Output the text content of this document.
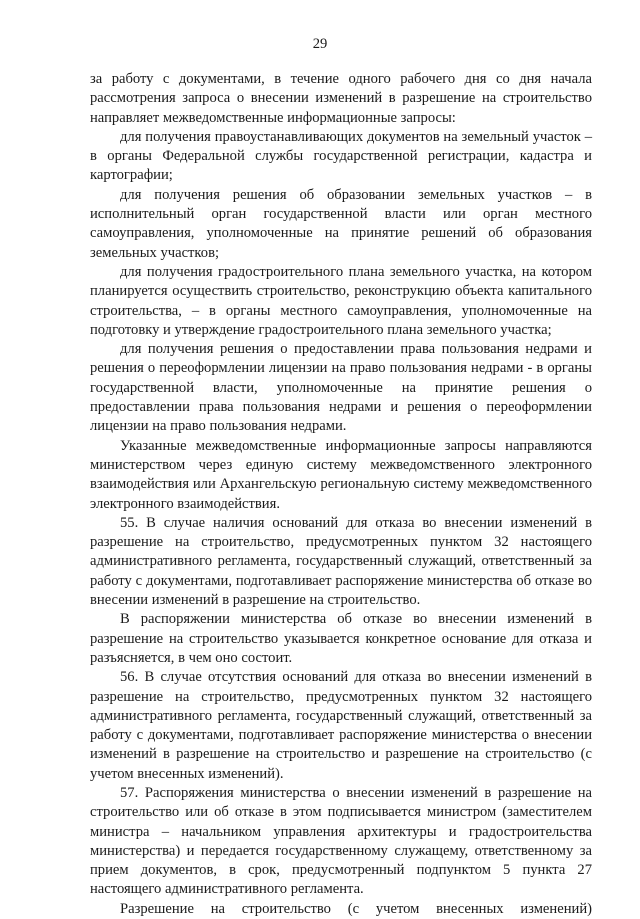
29

за работу с документами, в течение одного рабочего дня со дня начала рассмотрения запроса о внесении изменений в разрешение на строительство направляет межведомственные информационные запросы:

для получения правоустанавливающих документов на земельный участок – в органы Федеральной службы государственной регистрации, кадастра и картографии;

для получения решения об образовании земельных участков – в исполнительный орган государственной власти или орган местного самоуправления, уполномоченные на принятие решений об образования земельных участков;

для получения градостроительного плана земельного участка, на котором планируется осуществить строительство, реконструкцию объекта капитального строительства, – в органы местного самоуправления, уполномоченные на подготовку и утверждение градостроительного плана земельного участка;

для получения решения о предоставлении права пользования недрами и решения о переоформлении лицензии на право пользования недрами - в органы государственной власти, уполномоченные на принятие решения о предоставлении права пользования недрами и решения о переоформлении лицензии на право пользования недрами.

Указанные межведомственные информационные запросы направляются министерством через единую систему межведомственного электронного взаимодействия или Архангельскую региональную систему межведомственного электронного взаимодействия.

55. В случае наличия оснований для отказа во внесении изменений в разрешение на строительство, предусмотренных пунктом 32 настоящего административного регламента, государственный служащий, ответственный за работу с документами, подготавливает распоряжение министерства об отказе во внесении изменений в разрешение на строительство.

В распоряжении министерства об отказе во внесении изменений в разрешение на строительство указывается конкретное основание для отказа и разъясняется, в чем оно состоит.

56. В случае отсутствия оснований для отказа во внесении изменений в разрешение на строительство, предусмотренных пунктом 32 настоящего административного регламента, государственный служащий, ответственный за работу с документами, подготавливает распоряжение министерства о внесении изменений в разрешение на строительство и разрешение на строительство (с учетом внесенных изменений).

57. Распоряжения министерства о внесении изменений в разрешение на строительство или об отказе в этом подписывается министром (заместителем министра – начальником управления архитектуры и градостроительства министерства) и передается государственному служащему, ответственному за прием документов, в срок, предусмотренный подпунктом 5 пункта 27 настоящего административного регламента.

Разрешение на строительство (с учетом внесенных изменений)
